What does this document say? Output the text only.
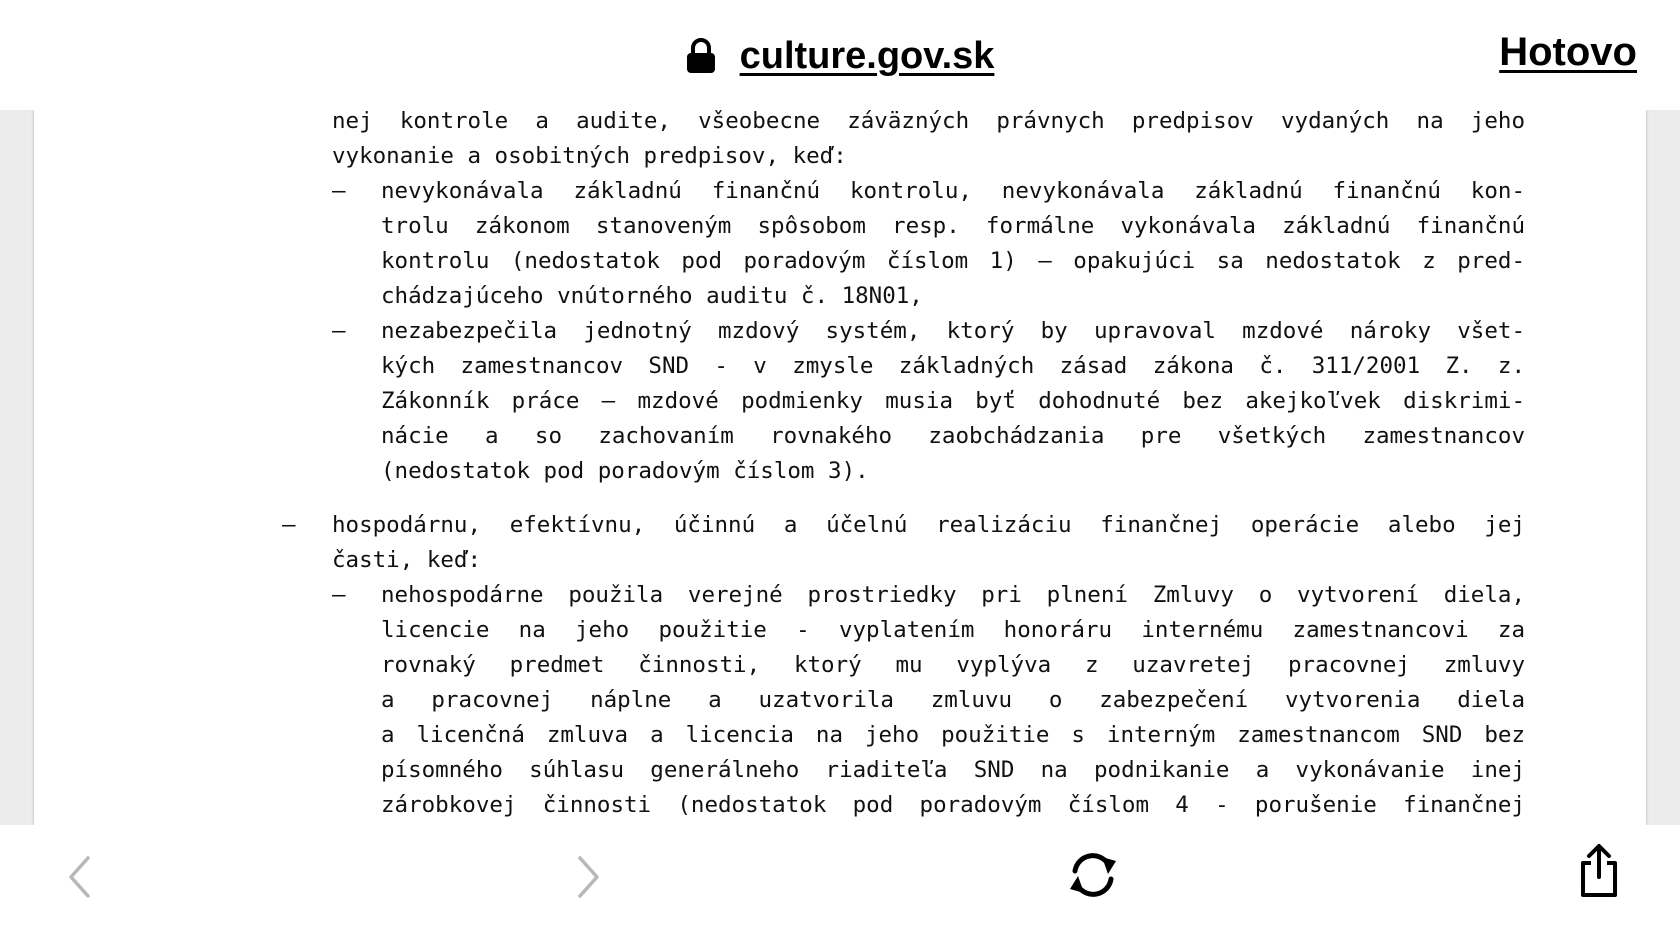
culture.gov.sk	Hotovo
nej kontrole a audite, všeobecne záväzných právnych predpisov vydaných na jeho
vykonanie a osobitných predpisov, keď:
– nevykonávala základnú finančnú kontrolu, nevykonávala základnú finančnú kon-
trolu zákonom stanoveným spôsobom resp. formálne vykonávala základnú finančnú
kontrolu (nedostatok pod poradovým číslom 1) – opakujúci sa nedostatok z pred-
chádzajúceho vnútorného auditu č. 18N01,
– nezabezpečila jednotný mzdový systém, ktorý by upravoval mzdové nároky všet-
kých zamestnancov SND - v zmysle základných zásad zákona č. 311/2001 Z. z.
Zákonník práce – mzdové podmienky musia byť dohodnuté bez akejkoľvek diskrimi-
nácie a so zachovaním rovnakého zaobchádzania pre všetkých zamestnancov
(nedostatok pod poradovým číslom 3).
– hospodárnu, efektívnu, účinnú a účelnú realizáciu finančnej operácie alebo jej
časti, keď:
– nehospodárne použila verejné prostriedky pri plnení Zmluvy o vytvorení diela,
licencie na jeho použitie - vyplatením honoráru internému zamestnancovi za
rovnaký predmet činnosti, ktorý mu vyplýva z uzavretej pracovnej zmluvy
a pracovnej náplne a uzatvorila zmluvu o zabezpečení vytvorenia diela
a licenčná zmluva a licencia na jeho použitie s interným zamestnancom SND bez
písomného súhlasu generálneho riaditeľa SND na podnikanie a vykonávanie inej
zárobkovej činnosti (nedostatok pod poradovým číslom 4 - porušenie finančnej
